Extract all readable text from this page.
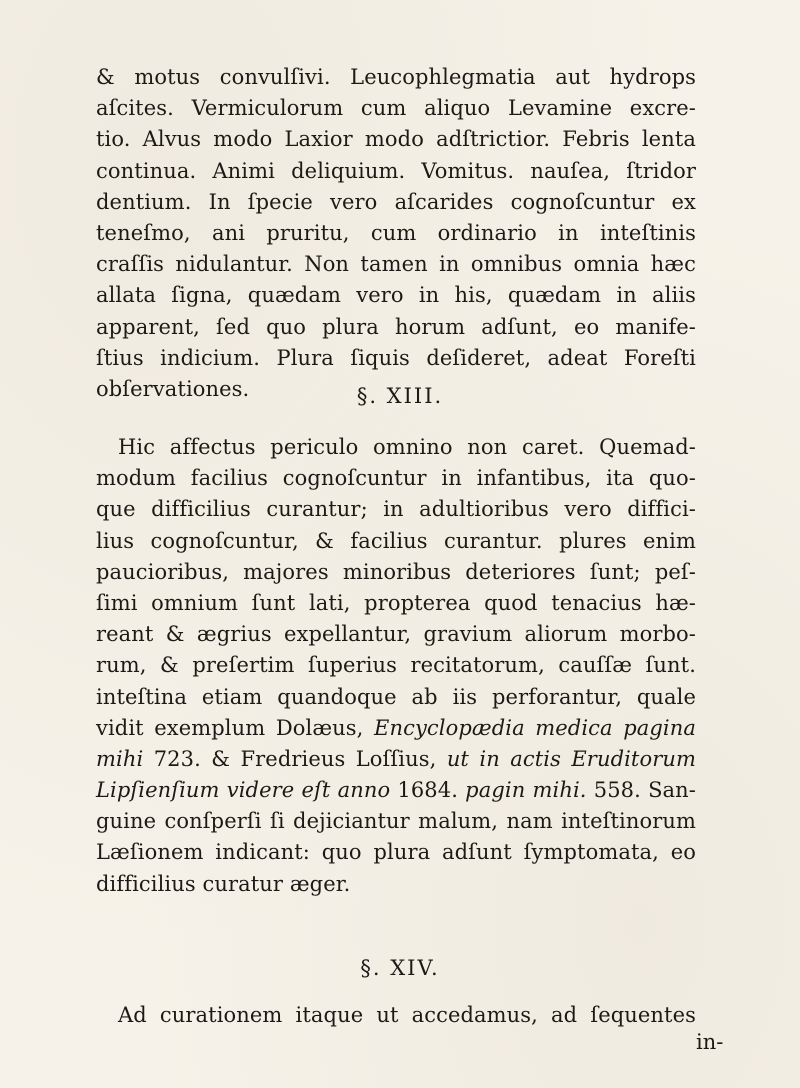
& motus convulſivi. Leucophlegmatia aut hydrops
aſcites. Vermiculorum cum aliquo Levamine excre-
tio. Alvus modo Laxior modo adſtrictior. Febris lenta
continua. Animi deliquium. Vomitus. nauſea, ſtridor
dentium. In ſpecie vero aſcarides cognoſcuntur ex
teneſmo, ani pruritu, cum ordinario in inteſtinis
craſſis nidulantur. Non tamen in omnibus omnia hæc
allata ſigna, quædam vero in his, quædam in aliis
apparent, ſed quo plura horum adſunt, eo manife-
ſtius indicium. Plura ſiquis deſideret, adeat Foreſti
obſervationes.	§. XIII.
Hic affectus periculo omnino non caret. Quemad-
modum facilius cognoſcuntur in infantibus, ita quo-
que difficilius curantur; in adultioribus vero diffici-
lius cognoſcuntur, & facilius curantur. plures enim
paucioribus, majores minoribus deteriores ſunt; peſ-
ſimi omnium ſunt lati, propterea quod tenacius hæ-
reant & ægrius expellantur, gravium aliorum morbo-
rum, & preſertim ſuperius recitatorum, cauſſæ ſunt.
inteſtina etiam quandoque ab iis perforantur, quale
vidit exemplum Dolæus, Encyclopædia medica pagina
mihi 723. & Fredrieus Loſſius, ut in actis Eruditorum
Lipſienſium videre eſt anno 1684. pagin mihi. 558. San-
guine conſperſi ſi dejiciantur malum, nam inteſtinorum
Læſionem indicant: quo plura adſunt ſymptomata, eo
difficilius curatur æger.
§. XIV.
Ad curationem itaque ut accedamus, ad ſequentes
in-
